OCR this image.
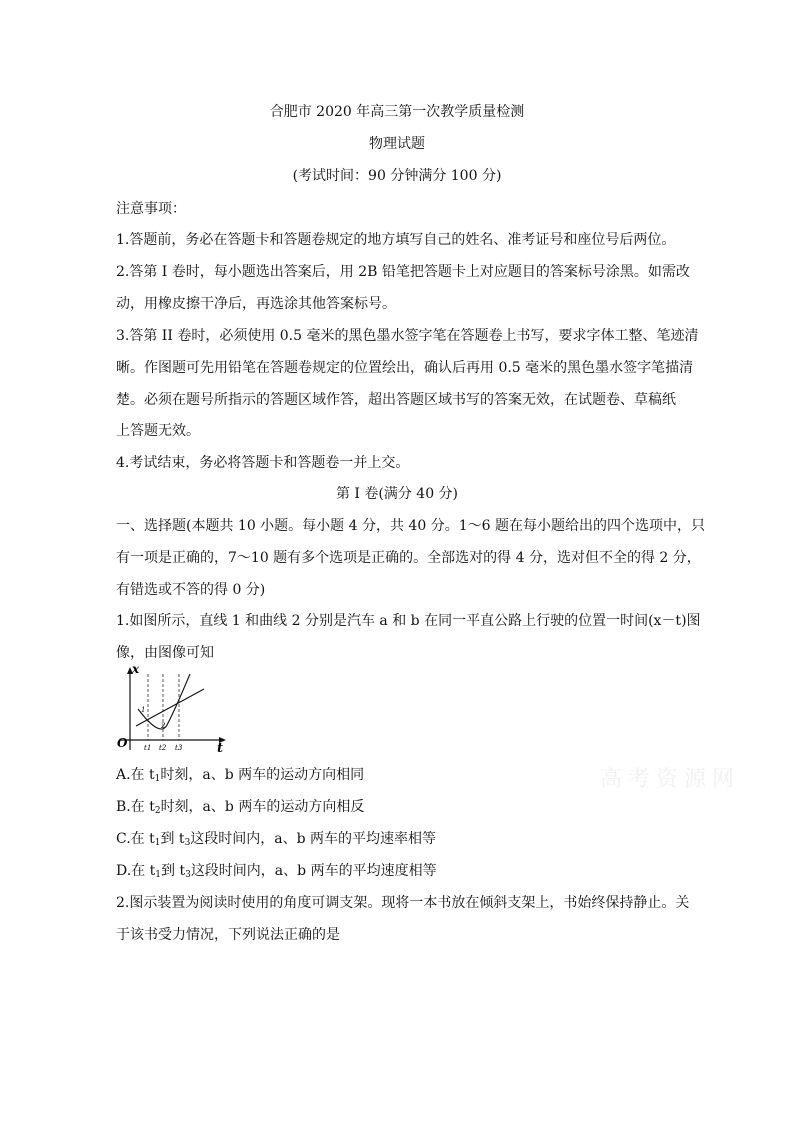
合肥市 2020 年高三第一次教学质量检测
物理试题
(考试时间：90 分钟满分 100 分)
注意事项：
1.答题前，务必在答题卡和答题卷规定的地方填写自己的姓名、准考证号和座位号后两位。
2.答第 I 卷时，每小题选出答案后，用 2B 铅笔把答题卡上对应题目的答案标号涂黑。如需改
动，用橡皮擦干净后，再选涂其他答案标号。
3.答第 II 卷时，必须使用 0.5 毫米的黑色墨水签字笔在答题卷上书写，要求字体工整、笔迹清
晰。作图题可先用铅笔在答题卷规定的位置绘出，确认后再用 0.5 毫米的黑色墨水签字笔描清
楚。必须在题号所指示的答题区域作答，超出答题区域书写的答案无效，在试题卷、草稿纸
上答题无效。
4.考试结束，务必将答题卡和答题卷一并上交。
第 I 卷(满分 40 分)
一、选择题(本题共 10 小题。每小题 4 分，共 40 分。1～6 题在每小题给出的四个选项中，只
有一项是正确的，7～10 题有多个选项是正确的。全部选对的得 4 分，选对但不全的得 2 分，
有错选或不答的得 0 分)
1.如图所示，直线 1 和曲线 2 分别是汽车 a 和 b 在同一平直公路上行驶的位置一时间(x－t)图
像，由图像可知
x
t
O t1 t2 t3
1
2
高考资源网
A.在 $t_1$时刻，a、b 两车的运动方向相同
B.在 $t_2$时刻，a、b 两车的运动方向相反
C.在 $t_1$到 $t_3$这段时间内，a、b 两车的平均速率相等
D.在 $t_1$到 $t_3$这段时间内，a、b 两车的平均速度相等
2.图示装置为阅读时使用的角度可调支架。现将一本书放在倾斜支架上，书始终保持静止。关
于该书受力情况，下列说法正确的是
